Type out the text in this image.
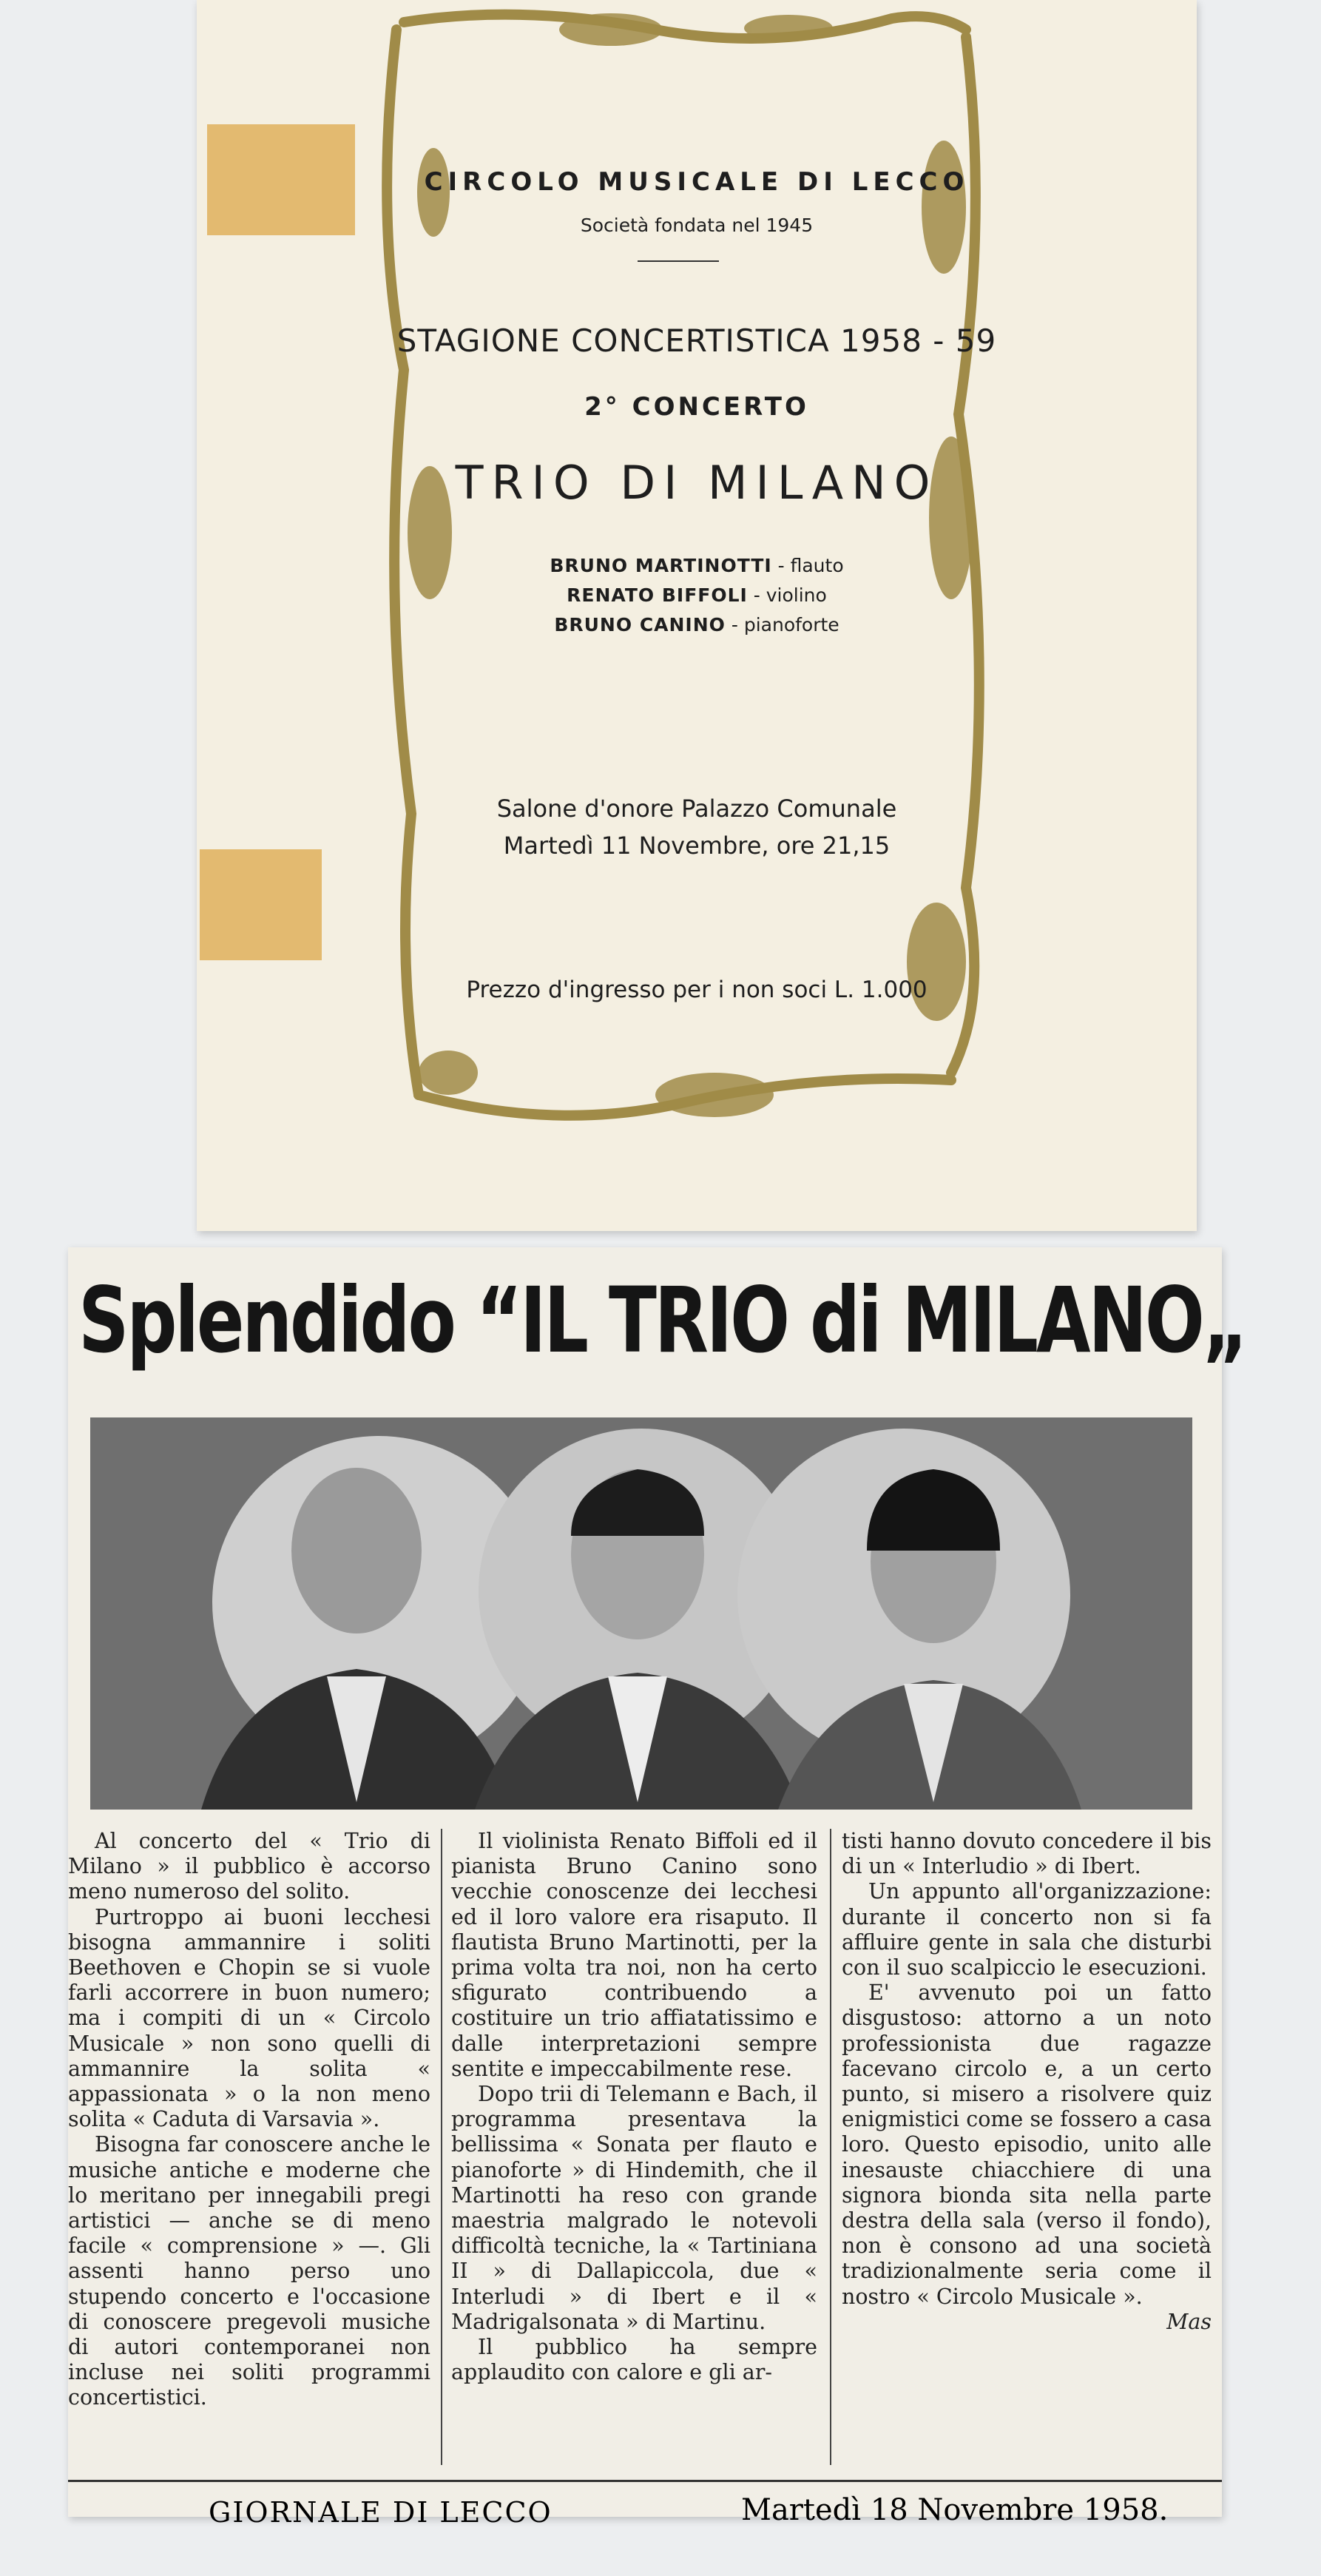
CIRCOLO MUSICALE DI LECCO
Società fondata nel 1945
STAGIONE CONCERTISTICA 1958 - 59
2° CONCERTO
TRIO DI MILANO
BRUNO MARTINOTTI - flauto
RENATO BIFFOLI - violino
BRUNO CANINO - pianoforte
Salone d'onore Palazzo Comunale
Martedì 11 Novembre, ore 21,15
Prezzo d'ingresso per i non soci L. 1.000
Splendido “IL TRIO di MILANO„

Al concerto del « Trio di Milano » il pubblico è accorso meno numeroso del solito.

Purtroppo ai buoni lecchesi bisogna ammannire i soliti Beethoven e Chopin se si vuole farli accorrere in buon numero; ma i compiti di un « Circolo Musicale » non sono quelli di ammannire la solita « appassionata » o la non meno solita « Caduta di Varsavia ».

Bisogna far conoscere anche le musiche antiche e moderne che lo meritano per innegabili pregi artistici — anche se di meno facile « comprensione » —. Gli assenti hanno perso uno stupendo concerto e l'occasione di conoscere pregevoli musiche di autori contemporanei non incluse nei soliti programmi concertistici.

Il violinista Renato Biffoli ed il pianista Bruno Canino sono vecchie conoscenze dei lecchesi ed il loro valore era risaputo. Il flautista Bruno Martinotti, per la prima volta tra noi, non ha certo sfigurato contribuendo a costituire un trio affiatatissimo e dalle interpretazioni sempre sentite e impeccabilmente rese.

Dopo trii di Telemann e Bach, il programma presentava la bellissima « Sonata per flauto e pianoforte » di Hindemith, che il Martinotti ha reso con grande maestria malgrado le notevoli difficoltà tecniche, la « Tartiniana II » di Dallapiccola, due « Interludi » di Ibert e il « Madrigalsonata » di Martinu.

Il pubblico ha sempre applaudito con calore e gli ar-

tisti hanno dovuto concedere il bis di un « Interludio » di Ibert.

Un appunto all'organizzazione: durante il concerto non si fa affluire gente in sala che disturbi con il suo scalpiccio le esecuzioni.

E' avvenuto poi un fatto disgustoso: attorno a un noto professionista due ragazze facevano circolo e, a un certo punto, si misero a risolvere quiz enigmistici come se fossero a casa loro. Questo episodio, unito alle inesauste chiacchiere di una signora bionda sita nella parte destra della sala (verso il fondo), non è consono ad una società tradizionalmente seria come il nostro « Circolo Musicale ».

Mas

GIORNALE DI LECCO	Martedì 18 Novembre 1958.
